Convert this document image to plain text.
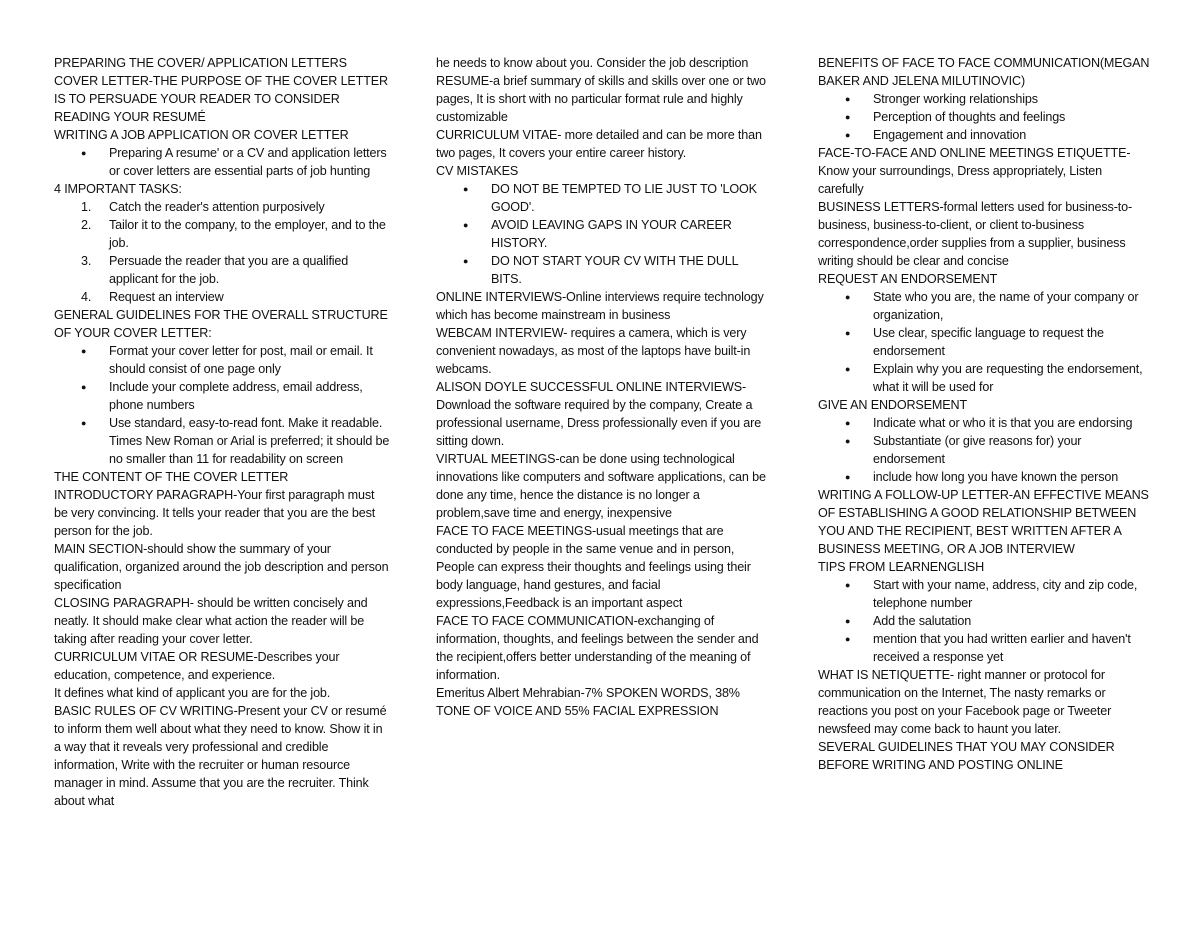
PREPARING THE COVER/ APPLICATION LETTERS

COVER LETTER-THE PURPOSE OF THE COVER LETTER IS TO PERSUADE YOUR READER TO CONSIDER READING YOUR RESUMÉ

WRITING A JOB APPLICATION OR COVER LETTER

● Preparing A resume' or a CV and application letters or cover letters are essential parts of job hunting

4 IMPORTANT TASKS:

1. Catch the reader's attention purposively
2. Tailor it to the company, to the employer, and to the job.
3. Persuade the reader that you are a qualified applicant for the job.
4. Request an interview

GENERAL GUIDELINES FOR THE OVERALL STRUCTURE OF YOUR COVER LETTER:

● Format your cover letter for post, mail or email. It should consist of one page only
● Include your complete address, email address, phone numbers
● Use standard, easy-to-read font. Make it readable. Times New Roman or Arial is preferred; it should be no smaller than 11 for readability on screen

THE CONTENT OF THE COVER LETTER

INTRODUCTORY PARAGRAPH-Your first paragraph must be very convincing. It tells your reader that you are the best person for the job.

MAIN SECTION-should show the summary of your qualification, organized around the job description and person specification

CLOSING PARAGRAPH- should be written concisely and neatly. It should make clear what action the reader will be taking after reading your cover letter.

CURRICULUM VITAE OR RESUME-Describes your education, competence, and experience.

It defines what kind of applicant you are for the job.

BASIC RULES OF CV WRITING-Present your CV or resumé to inform them well about what they need to know. Show it in a way that it reveals very professional and credible information, Write with the recruiter or human resource manager in mind. Assume that you are the recruiter. Think about what

he needs to know about you. Consider the job description

RESUME-a brief summary of skills and skills over one or two pages, It is short with no particular format rule and highly customizable

CURRICULUM VITAE- more detailed and can be more than two pages, It covers your entire career history.

CV MISTAKES

● DO NOT BE TEMPTED TO LIE JUST TO 'LOOK GOOD'.
● AVOID LEAVING GAPS IN YOUR CAREER HISTORY.
● DO NOT START YOUR CV WITH THE DULL BITS.

ONLINE INTERVIEWS-Online interviews require technology which has become mainstream in business

WEBCAM INTERVIEW- requires a camera, which is very convenient nowadays, as most of the laptops have built-in webcams.

ALISON DOYLE SUCCESSFUL ONLINE INTERVIEWS-Download the software required by the company, Create a professional username, Dress professionally even if you are sitting down.

VIRTUAL MEETINGS-can be done using technological innovations like computers and software applications, can be done any time, hence the distance is no longer a problem,save time and energy, inexpensive

FACE TO FACE MEETINGS-usual meetings that are conducted by people in the same venue and in person, People can express their thoughts and feelings using their body language, hand gestures, and facial expressions,Feedback is an important aspect

FACE TO FACE COMMUNICATION-exchanging of information, thoughts, and feelings between the sender and the recipient,offers better understanding of the meaning of information.

Emeritus Albert Mehrabian-7% SPOKEN WORDS, 38% TONE OF VOICE AND 55% FACIAL EXPRESSION

BENEFITS OF FACE TO FACE COMMUNICATION(MEGAN BAKER AND JELENA MILUTINOVIC)

● Stronger working relationships
● Perception of thoughts and feelings
● Engagement and innovation

FACE-TO-FACE AND ONLINE MEETINGS ETIQUETTE- Know your surroundings, Dress appropriately, Listen carefully

BUSINESS LETTERS-formal letters used for business-to-business, business-to-client, or client to-business correspondence,order supplies from a supplier, business writing should be clear and concise

REQUEST AN ENDORSEMENT

● State who you are, the name of your company or organization,
● Use clear, specific language to request the endorsement
● Explain why you are requesting the endorsement, what it will be used for

GIVE AN ENDORSEMENT

● Indicate what or who it is that you are endorsing
● Substantiate (or give reasons for) your endorsement
● include how long you have known the person

WRITING A FOLLOW-UP LETTER-AN EFFECTIVE MEANS OF ESTABLISHING A GOOD RELATIONSHIP BETWEEN YOU AND THE RECIPIENT, BEST WRITTEN AFTER A BUSINESS MEETING, OR A JOB INTERVIEW

TIPS FROM LEARNENGLISH

● Start with your name, address, city and zip code, telephone number
● Add the salutation
● mention that you had written earlier and haven't received a response yet

WHAT IS NETIQUETTE- right manner or protocol for communication on the Internet, The nasty remarks or reactions you post on your Facebook page or Tweeter newsfeed may come back to haunt you later.

SEVERAL GUIDELINES THAT YOU MAY CONSIDER BEFORE WRITING AND POSTING ONLINE
